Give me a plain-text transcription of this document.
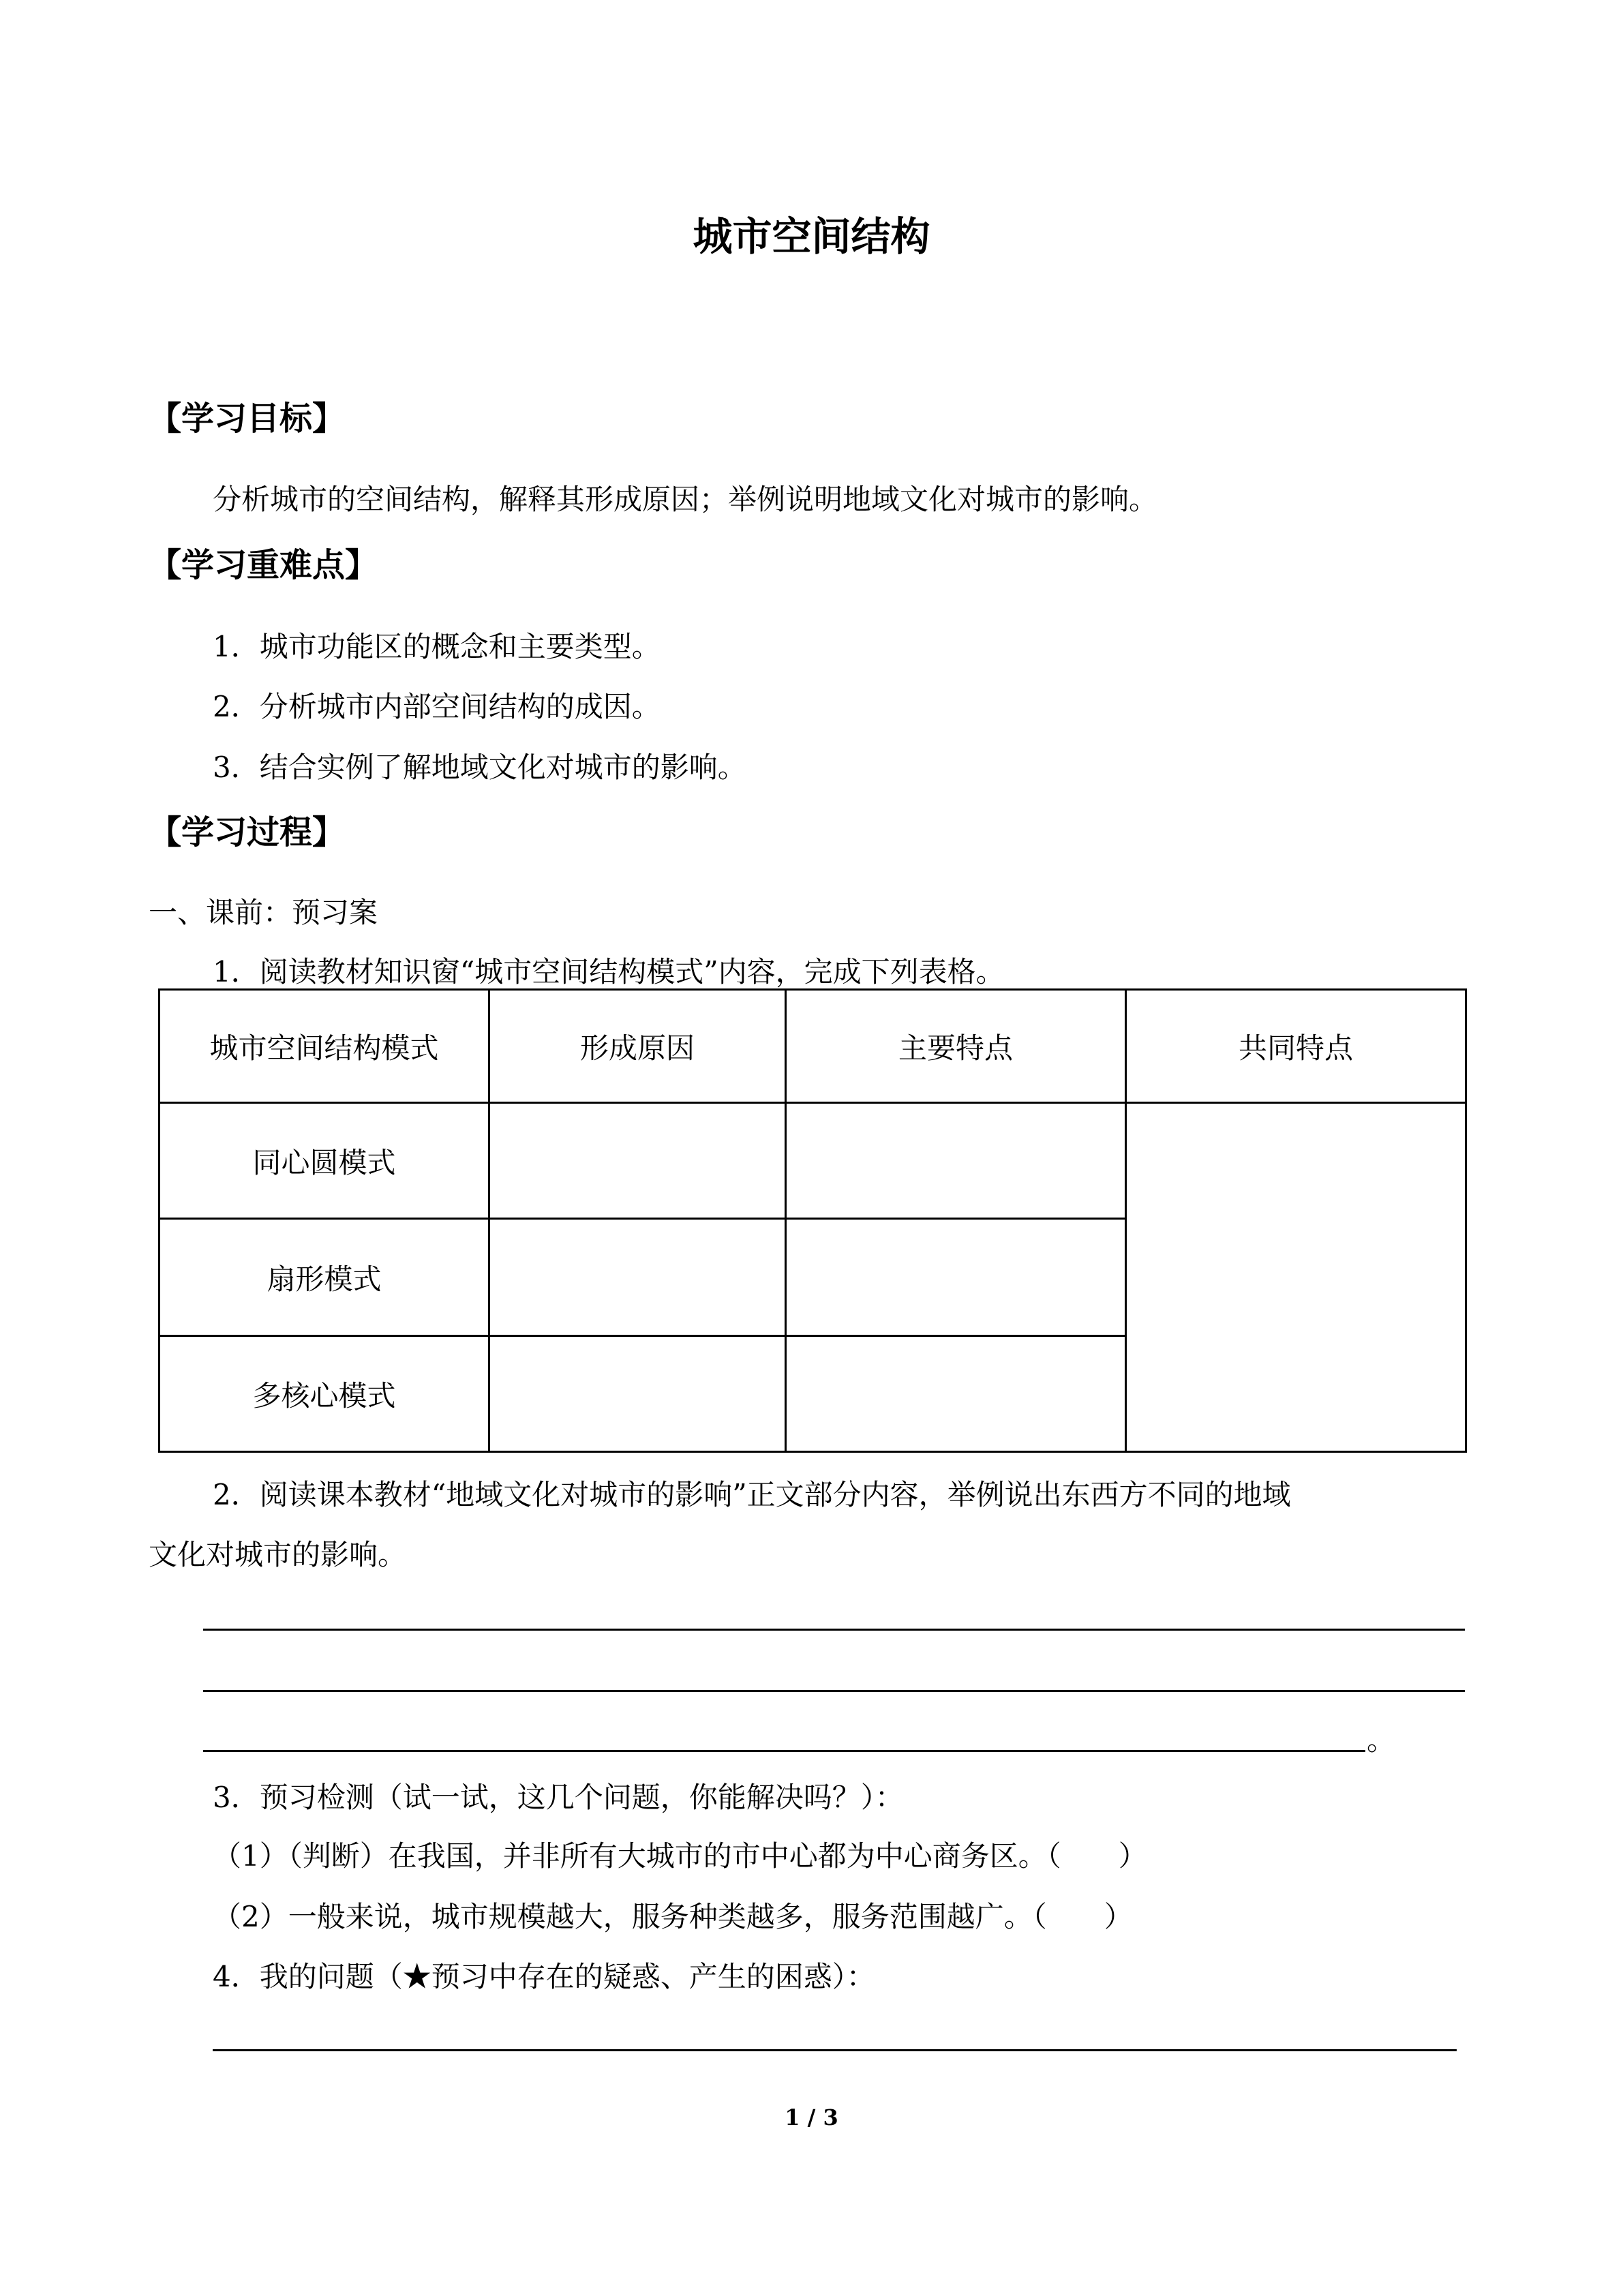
城市空间结构
【学习目标】
分析城市的空间结构，解释其形成原因；举例说明地域文化对城市的影响。
【学习重难点】
1．城市功能区的概念和主要类型。
2．分析城市内部空间结构的成因。
3．结合实例了解地域文化对城市的影响。
【学习过程】
一、课前：预习案
1．阅读教材知识窗“城市空间结构模式”内容，完成下列表格。
城市空间结构模式	形成原因	主要特点	共同特点
同心圆模式			
扇形模式			
多核心模式			
2．阅读课本教材“地域文化对城市的影响”正文部分内容，举例说出东西方不同的地域
文化对城市的影响。
。
3．预习检测（试一试，这几个问题，你能解决吗？）：
（1）（判断）在我国，并非所有大城市的市中心都为中心商务区。（　　）
（2）一般来说，城市规模越大，服务种类越多，服务范围越广。（　　）
4．我的问题（★预习中存在的疑惑、产生的困惑）：
1 / 3
